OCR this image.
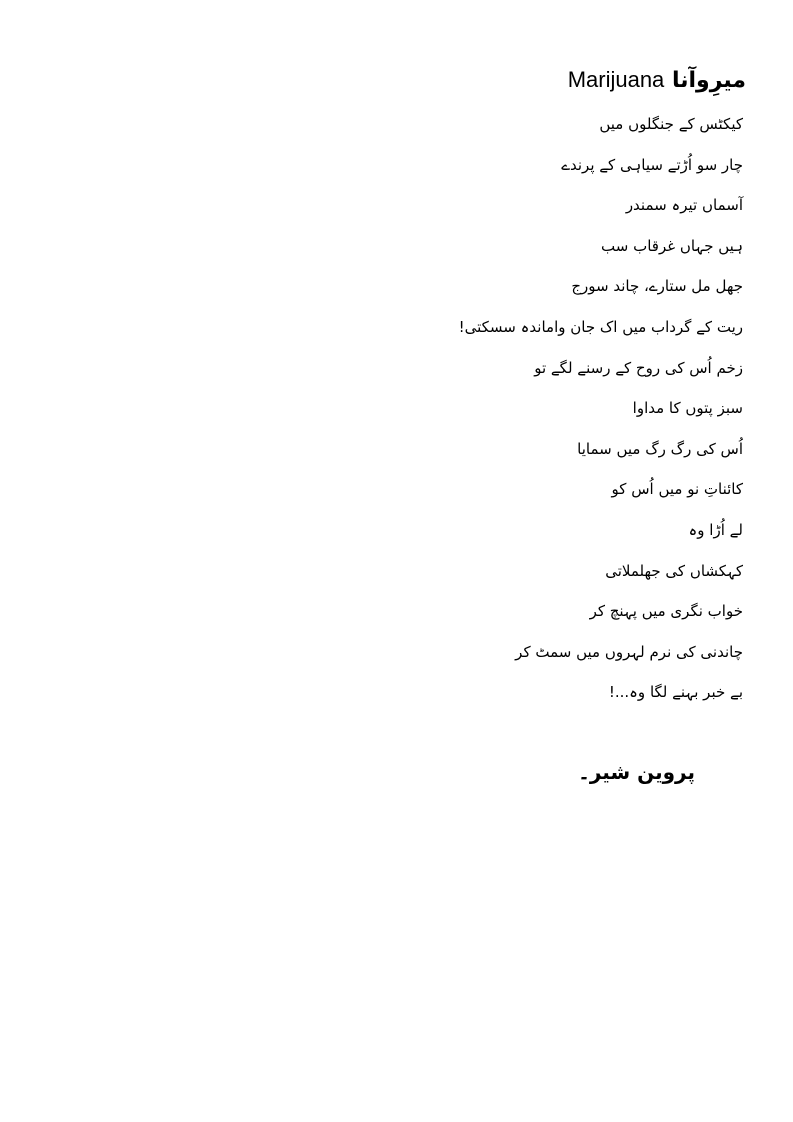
میرِوآنا Marijuana
کیکٹس کے جنگلوں میں
چار سو اُڑتے سیاہی کے پرندے
آسماں تیرہ سمندر
ہیں جہاں غرقاب سب
جھل مل ستارے، چاند سورج
ریت کے گرداب میں اک جان واماندہ سسکتی!
زخم اُس کی روح کے رسنے لگے تو
سبز پتوں کا مداوا
اُس کی رگ رگ میں سمایا
کائناتِ نو میں اُس کو
لے اُڑا وہ
کہکشاں کی جھلملاتی
خواب نگری میں پہنچ کر
چاندنی کی نرم لہروں میں سمٹ کر
بے خبر بہنے لگا وہ...!
پروین شیر۔
